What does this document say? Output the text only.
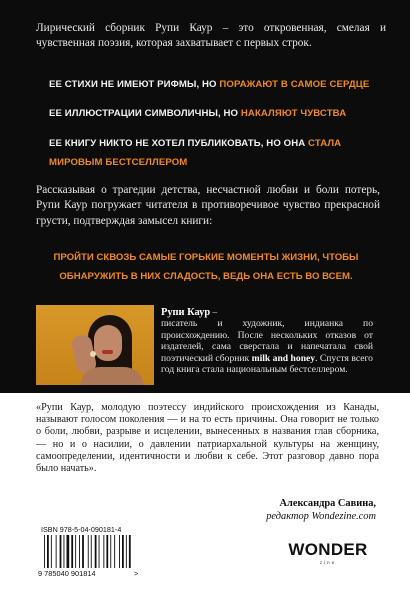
Лирический сборник Рупи Каур – это откровенная, смелая и чувственная поэзия, которая захватывает с первых строк.

ЕЕ СТИХИ НЕ ИМЕЮТ РИФМЫ, НО ПОРАЖАЮТ В САМОЕ СЕРДЦЕ
ЕЕ ИЛЛЮСТРАЦИИ СИМВОЛИЧНЫ, НО НАКАЛЯЮТ ЧУВСТВА
ЕЕ КНИГУ НИКТО НЕ ХОТЕЛ ПУБЛИКОВАТЬ, НО ОНА СТАЛА МИРОВЫМ БЕСТСЕЛЛЕРОМ

Рассказывая о трагедии детства, несчастной любви и боли потерь, Рупи Каур погружает читателя в противоречивое чувство прекрасной грусти, подтверждая замысел книги:

ПРОЙТИ СКВОЗЬ САМЫЕ ГОРЬКИЕ МОМЕНТЫ ЖИЗНИ, ЧТОБЫ ОБНАРУЖИТЬ В НИХ СЛАДОСТЬ, ВЕДЬ ОНА ЕСТЬ ВО ВСЕМ.

Рупи Каур –
писатель и художник, индианка по происхождению. После нескольких отказов от издателей, сама сверстала и напечатала свой поэтический сборник milk and honey. Спустя всего год книга стала национальным бестселлером.

«Рупи Каур, молодую поэтессу индийского происхождения из Канады, называют голосом поколения — и на то есть причины. Она говорит не только о боли, любви, разрыве и исцелении, вынесенных в названия глав сборника, — но и о насилии, о давлении патриархальной культуры на женщину, самоопределении, идентичности и любви к себе. Этот разговор давно пора было начать».

Александра Савина,
редактор Wondezine.com
ISBN 978-5-04-090181-4
9 785040 901814	>
WONDER
zine
